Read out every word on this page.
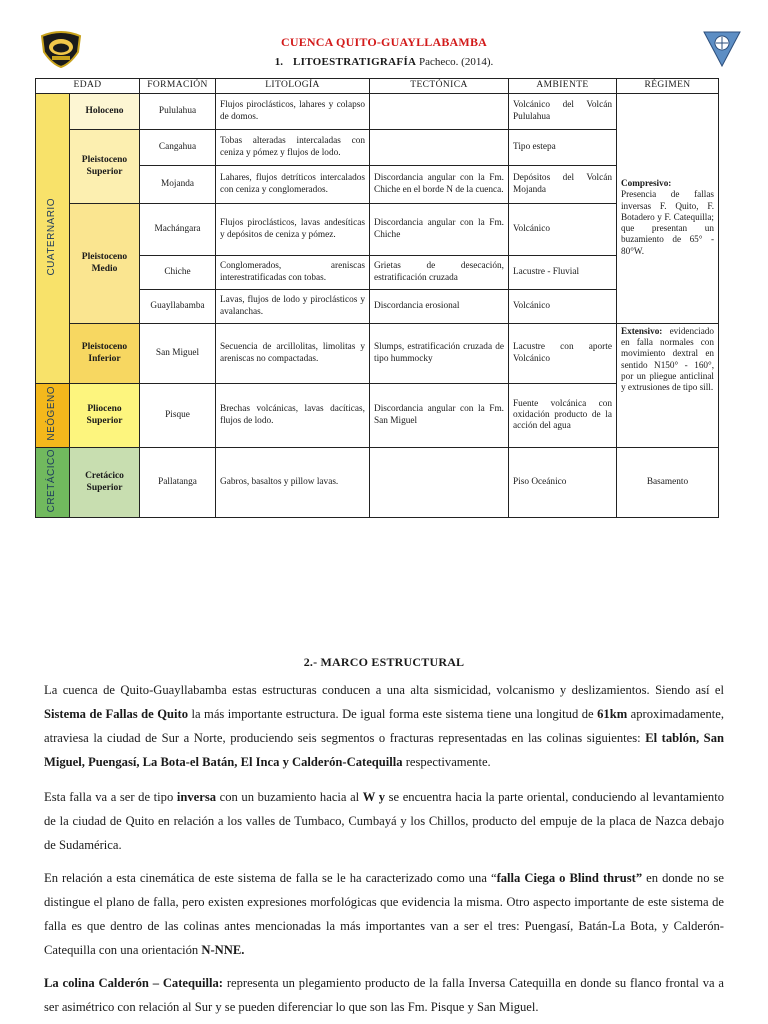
CUENCA QUITO-GUAYLLABAMBA
1. LITOESTRATIGRAFÍA Pacheco. (2014).
EDAD		FORMACIÓN	LITOLOGÍA	TECTÓNICA	AMBIENTE	RÉGIMEN
CUATERNARIO	Holoceno	Pululahua	Flujos piroclásticos, lahares y colapso de domos.		Volcánico del Volcán Pululahua	Compresivo:
Presencia de fallas inversas F. Quito, F. Botadero y F. Catequilla; que presentan un buzamiento de 65° - 80°W.
	Pleistoceno Superior	Cangahua	Tobas alteradas intercaladas con ceniza y pómez y flujos de lodo.		Tipo estepa	
		Mojanda	Lahares, flujos detríticos intercalados con ceniza y conglomerados.	Discordancia angular con la Fm. Chiche en el borde N de la cuenca.	Depósitos del Volcán Mojanda	
	Pleistoceno Medio	Machángara	Flujos piroclásticos, lavas andesíticas y depósitos de ceniza y pómez.	Discordancia angular con la Fm. Chiche	Volcánico	
		Chiche	Conglomerados, areniscas interestratificadas con tobas.	Grietas de desecación, estratificación cruzada	Lacustre - Fluvial	
		Guayllabamba	Lavas, flujos de lodo y piroclásticos y avalanchas.	Discordancia erosional	Volcánico	
	Pleistoceno Inferior	San Miguel	Secuencia de arcillolitas, limolitas y areniscas no compactadas.	Slumps, estratificación cruzada de tipo hummocky	Lacustre con aporte Volcánico	Extensivo: evidenciado en falla normales con movimiento dextral en sentido N150° - 160°, por un pliegue anticlinal y extrusiones de tipo sill.
NEÓGENO	Plioceno Superior	Pisque	Brechas volcánicas, lavas dacíticas, flujos de lodo.	Discordancia angular con la Fm. San Miguel	Fuente volcánica con oxidación producto de la acción del agua	
CRETÁCICO	Cretácico Superior	Pallatanga	Gabros, basaltos y pillow lavas.		Piso Oceánico	Basamento
2.- MARCO ESTRUCTURAL

La cuenca de Quito-Guayllabamba estas estructuras conducen a una alta sismicidad, volcanismo y deslizamientos. Siendo así el Sistema de Fallas de Quito la más importante estructura. De igual forma este sistema tiene una longitud de 61km aproximadamente, atraviesa la ciudad de Sur a Norte, produciendo seis segmentos o fracturas representadas en las colinas siguientes: El tablón, San Miguel, Puengasí, La Bota-el Batán, El Inca y Calderón-Catequilla respectivamente.

Esta falla va a ser de tipo inversa con un buzamiento hacia al W y se encuentra hacia la parte oriental, conduciendo al levantamiento de la ciudad de Quito en relación a los valles de Tumbaco, Cumbayá y los Chillos, producto del empuje de la placa de Nazca debajo de Sudamérica.

En relación a esta cinemática de este sistema de falla se le ha caracterizado como una “falla Ciega o Blind thrust” en donde no se distingue el plano de falla, pero existen expresiones morfológicas que evidencia la misma. Otro aspecto importante de este sistema de falla es que dentro de las colinas antes mencionadas la más importantes van a ser el tres: Puengasí, Batán-La Bota, y Calderón-Catequilla con una orientación N-NNE.

La colina Calderón – Catequilla: representa un plegamiento producto de la falla Inversa Catequilla en donde su flanco frontal va a ser asimétrico con relación al Sur y se pueden diferenciar lo que son las Fm. Pisque y San Miguel.
